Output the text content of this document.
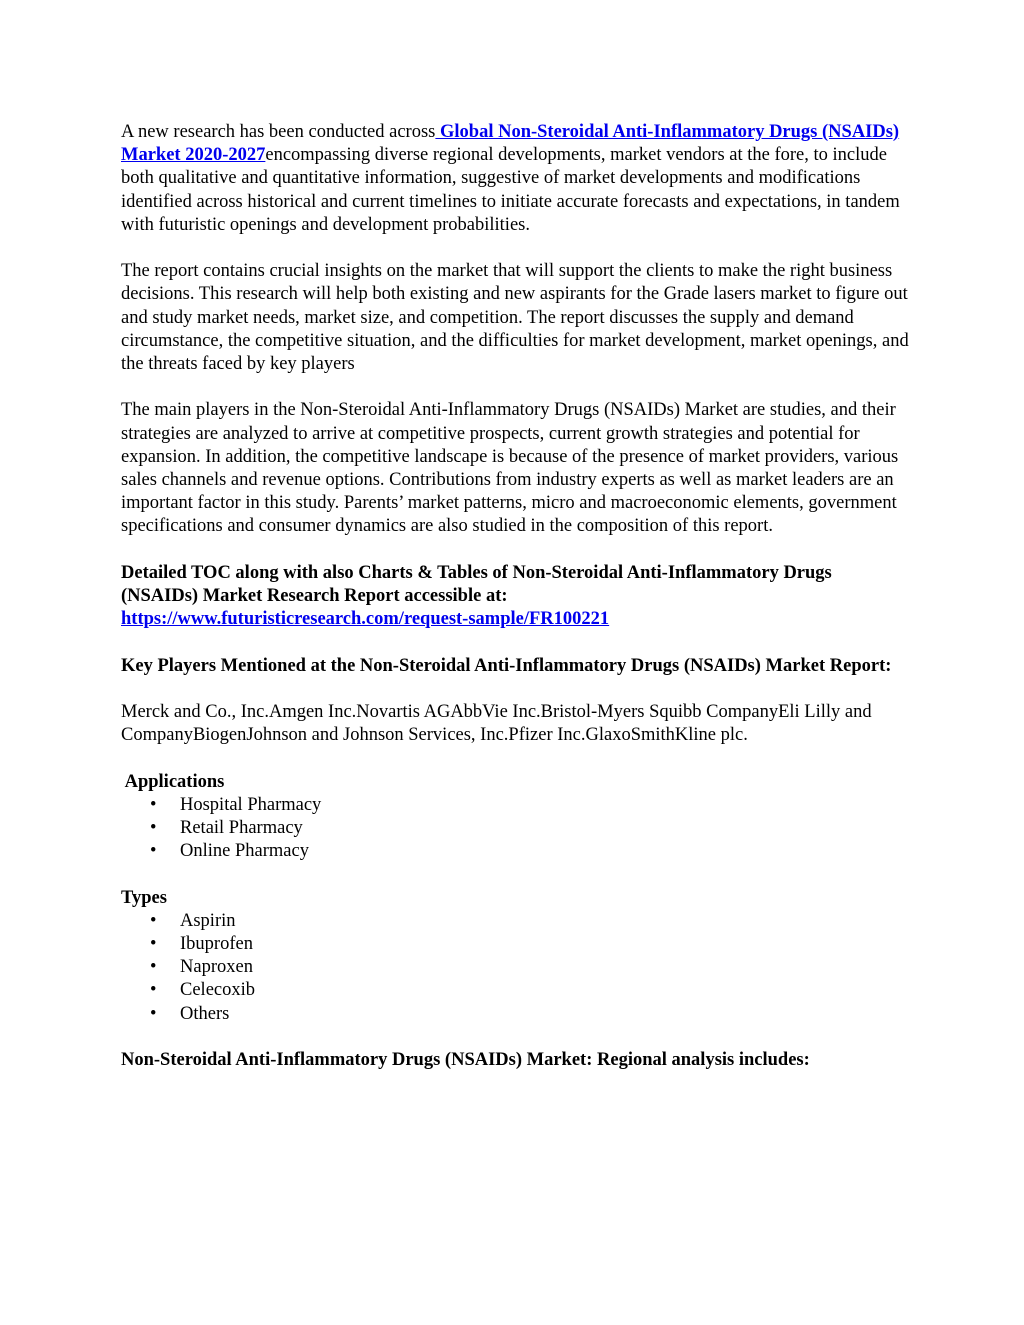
A new research has been conducted across Global Non-Steroidal Anti-Inflammatory Drugs (NSAIDs) Market 2020-2027encompassing diverse regional developments, market vendors at the fore, to include both qualitative and quantitative information, suggestive of market developments and modifications identified across historical and current timelines to initiate accurate forecasts and expectations, in tandem with futuristic openings and development probabilities.

The report contains crucial insights on the market that will support the clients to make the right business decisions. This research will help both existing and new aspirants for the Grade lasers market to figure out and study market needs, market size, and competition. The report discusses the supply and demand circumstance, the competitive situation, and the difficulties for market development, market openings, and the threats faced by key players

The main players in the Non-Steroidal Anti-Inflammatory Drugs (NSAIDs) Market are studies, and their strategies are analyzed to arrive at competitive prospects, current growth strategies and potential for expansion. In addition, the competitive landscape is because of the presence of market providers, various sales channels and revenue options. Contributions from industry experts as well as market leaders are an important factor in this study. Parents’ market patterns, micro and macroeconomic elements, government specifications and consumer dynamics are also studied in the composition of this report.

Detailed TOC along with also Charts & Tables of Non-Steroidal Anti-Inflammatory Drugs (NSAIDs) Market Research Report accessible at:

https://www.futuristicresearch.com/request-sample/FR100221

Key Players Mentioned at the Non-Steroidal Anti-Inflammatory Drugs (NSAIDs) Market Report:

Merck and Co., Inc.Amgen Inc.Novartis AGAbbVie Inc.Bristol-Myers Squibb CompanyEli Lilly and CompanyBiogenJohnson and Johnson Services, Inc.Pfizer Inc.GlaxoSmithKline plc.

Applications

• Hospital Pharmacy
• Retail Pharmacy
• Online Pharmacy

Types

• Aspirin
• Ibuprofen
• Naproxen
• Celecoxib
• Others

Non-Steroidal Anti-Inflammatory Drugs (NSAIDs) Market: Regional analysis includes:
